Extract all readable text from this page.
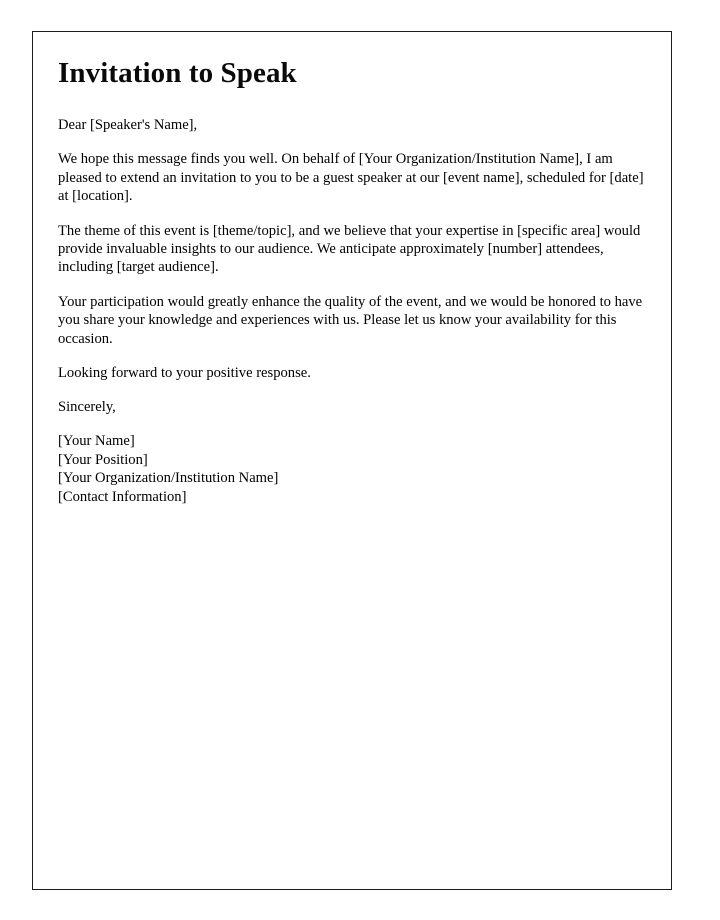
Invitation to Speak

Dear [Speaker's Name],

We hope this message finds you well. On behalf of [Your Organization/Institution Name], I am pleased to extend an invitation to you to be a guest speaker at our [event name], scheduled for [date] at [location].

The theme of this event is [theme/topic], and we believe that your expertise in [specific area] would provide invaluable insights to our audience. We anticipate approximately [number] attendees, including [target audience].

Your participation would greatly enhance the quality of the event, and we would be honored to have you share your knowledge and experiences with us. Please let us know your availability for this occasion.

Looking forward to your positive response.

Sincerely,

[Your Name]
[Your Position]
[Your Organization/Institution Name]
[Contact Information]
